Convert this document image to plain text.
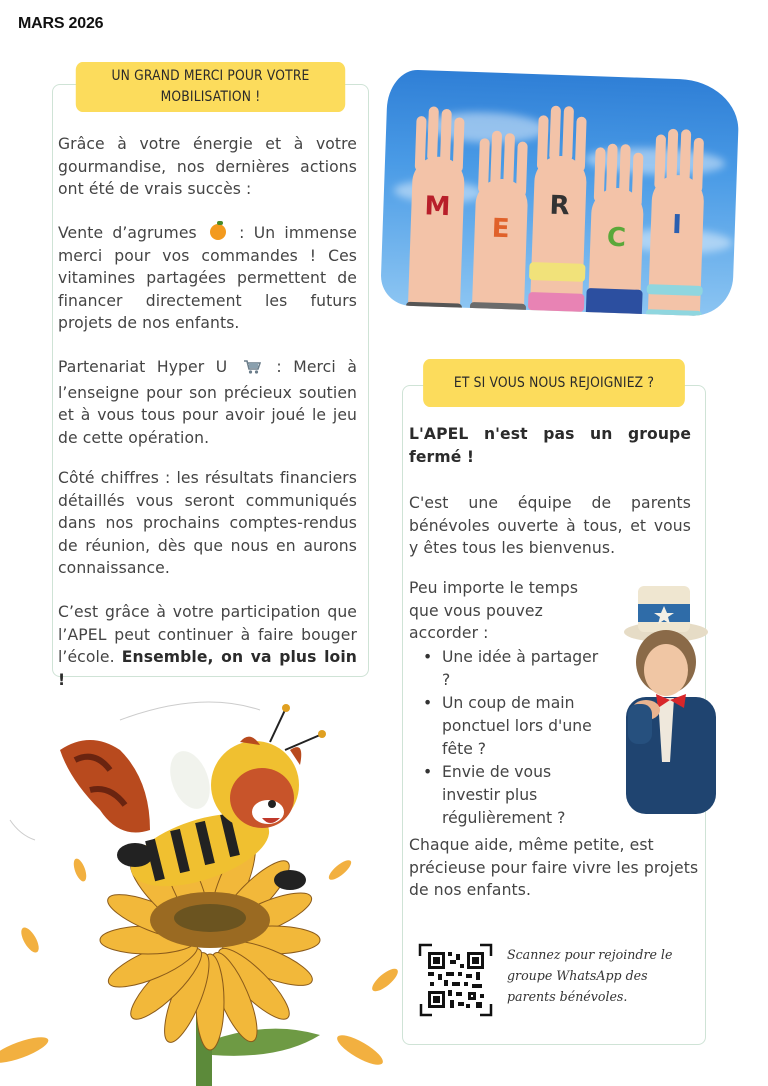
MARS 2026
UN GRAND MERCI POUR VOTRE
MOBILISATION !
Grâce à votre énergie et à votre gourmandise, nos dernières actions ont été de vrais succès :
Vente d’agrumes	: Un immense merci pour vos commandes ! Ces vitamines partagées permettent de financer directement les futurs projets de nos enfants.
Partenariat Hyper U	: Merci à l’enseigne pour son précieux soutien et à vous tous pour avoir joué le jeu de cette opération.
Côté chiffres : les résultats financiers détaillés vous seront communiqués dans nos prochains comptes-rendus de réunion, dès que nous en aurons connaissance.
C’est grâce à votre participation que l’APEL peut continuer à faire bouger l’école. Ensemble, on va plus loin !
M
E
R
C	I
ET SI VOUS NOUS REJOIGNIEZ ?
L'APEL n'est pas un groupe fermé !
C'est une équipe de parents bénévoles ouverte à tous, et vous y êtes tous les bienvenus.
Peu importe le temps que vous pouvez accorder :
• Une idée à partager ?
• Un coup de main ponctuel lors d'une fête ?
• Envie de vous investir plus régulièrement ?
Chaque aide, même petite, est précieuse pour faire vivre les projets de nos enfants.
Scannez pour rejoindre le groupe WhatsApp des parents bénévoles.
